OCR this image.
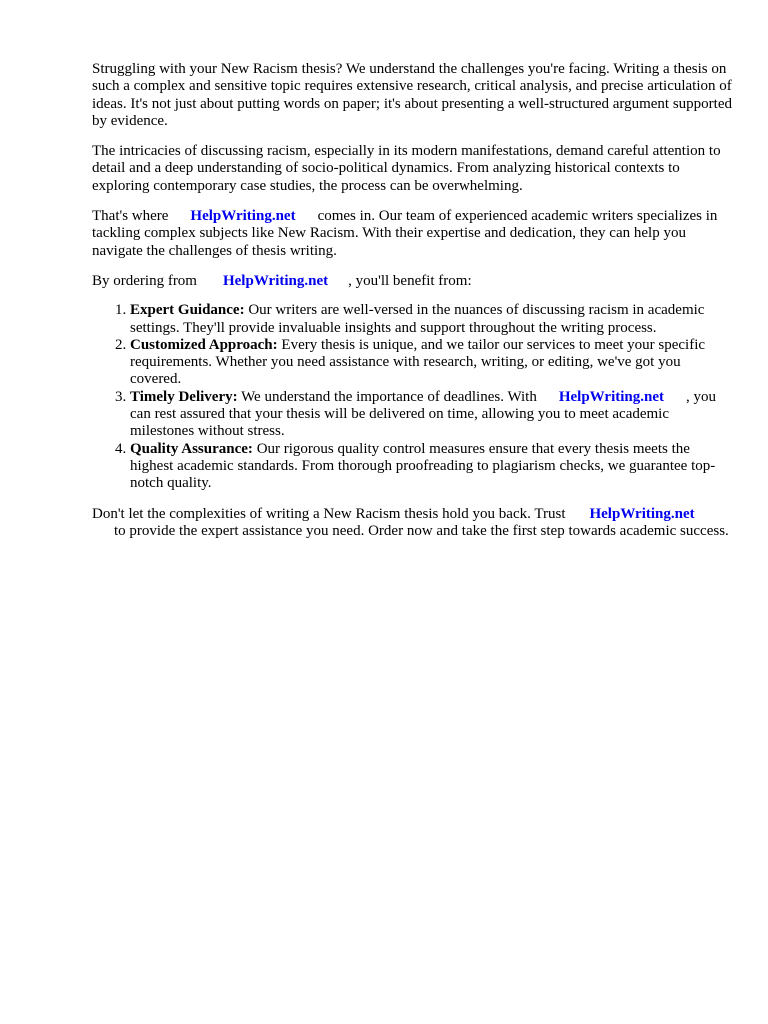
Struggling with your New Racism thesis? We understand the challenges you're facing. Writing a thesis on such a complex and sensitive topic requires extensive research, critical analysis, and precise articulation of ideas. It's not just about putting words on paper; it's about presenting a well-structured argument supported by evidence.

The intricacies of discussing racism, especially in its modern manifestations, demand careful attention to detail and a deep understanding of socio-political dynamics. From analyzing historical contexts to exploring contemporary case studies, the process can be overwhelming.

That's where HelpWriting.net comes in. Our team of experienced academic writers specializes in tackling complex subjects like New Racism. With their expertise and dedication, they can help you navigate the challenges of thesis writing.

By ordering from HelpWriting.net , you'll benefit from:

1. Expert Guidance: Our writers are well-versed in the nuances of discussing racism in academic settings. They'll provide invaluable insights and support throughout the writing process.
2. Customized Approach: Every thesis is unique, and we tailor our services to meet your specific requirements. Whether you need assistance with research, writing, or editing, we've got you covered.
3. Timely Delivery: We understand the importance of deadlines. With HelpWriting.net , you can rest assured that your thesis will be delivered on time, allowing you to meet academic milestones without stress.
4. Quality Assurance: Our rigorous quality control measures ensure that every thesis meets the highest academic standards. From thorough proofreading to plagiarism checks, we guarantee top-notch quality.

Don't let the complexities of writing a New Racism thesis hold you back. Trust HelpWriting.net
to provide the expert assistance you need. Order now and take the first step towards academic success.
